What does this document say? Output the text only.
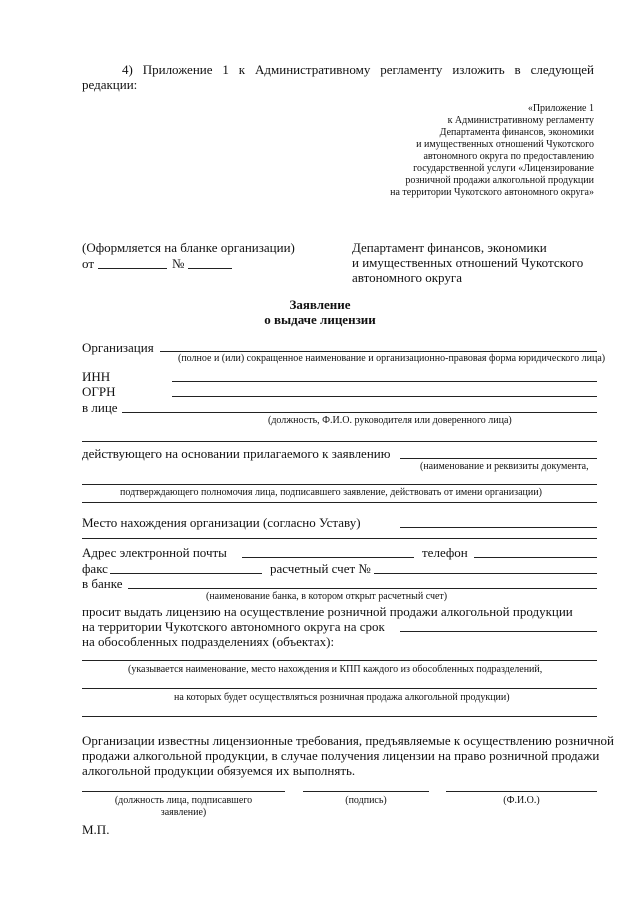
4) Приложение 1 к Административному регламенту изложить в следующей
редакции:
«Приложение 1
к Административному регламенту
Департамента финансов, экономики
и имущественных отношений Чукотского
автономного округа по предоставлению
государственной услуги «Лицензирование
розничной продажи алкогольной продукции
на территории Чукотского автономного округа»
(Оформляется на бланке организации)
от	№
Департамент финансов, экономики
и имущественных отношений Чукотского
автономного округа
Заявление
о выдаче лицензии
Организация
(полное и (или) сокращенное наименование и организационно-правовая форма юридического лица)
ИНН
ОГРН
в лице
(должность, Ф.И.О. руководителя или доверенного лица)
действующего на основании прилагаемого к заявлению
(наименование и реквизиты документа,
подтверждающего полномочия лица, подписавшего заявление, действовать от имени организации)
Место нахождения организации (согласно Уставу)
Адрес электронной почты	телефон
факс	расчетный счет №
в банке
(наименование банка, в котором открыт расчетный счет)
просит выдать лицензию на осуществление розничной продажи алкогольной продукции
на территории Чукотского автономного округа на срок
на обособленных подразделениях (объектах):
(указывается наименование, место нахождения и КПП каждого из обособленных подразделений,
на которых будет осуществляться розничная продажа алкогольной продукции)
Организации известны лицензионные требования, предъявляемые к осуществлению розничной
продажи алкогольной продукции, в случае получения лицензии на право розничной продажи
алкогольной продукции обязуемся их выполнять.
(должность лица, подписавшего
заявление)
(подпись)	(Ф.И.О.)
М.П.
